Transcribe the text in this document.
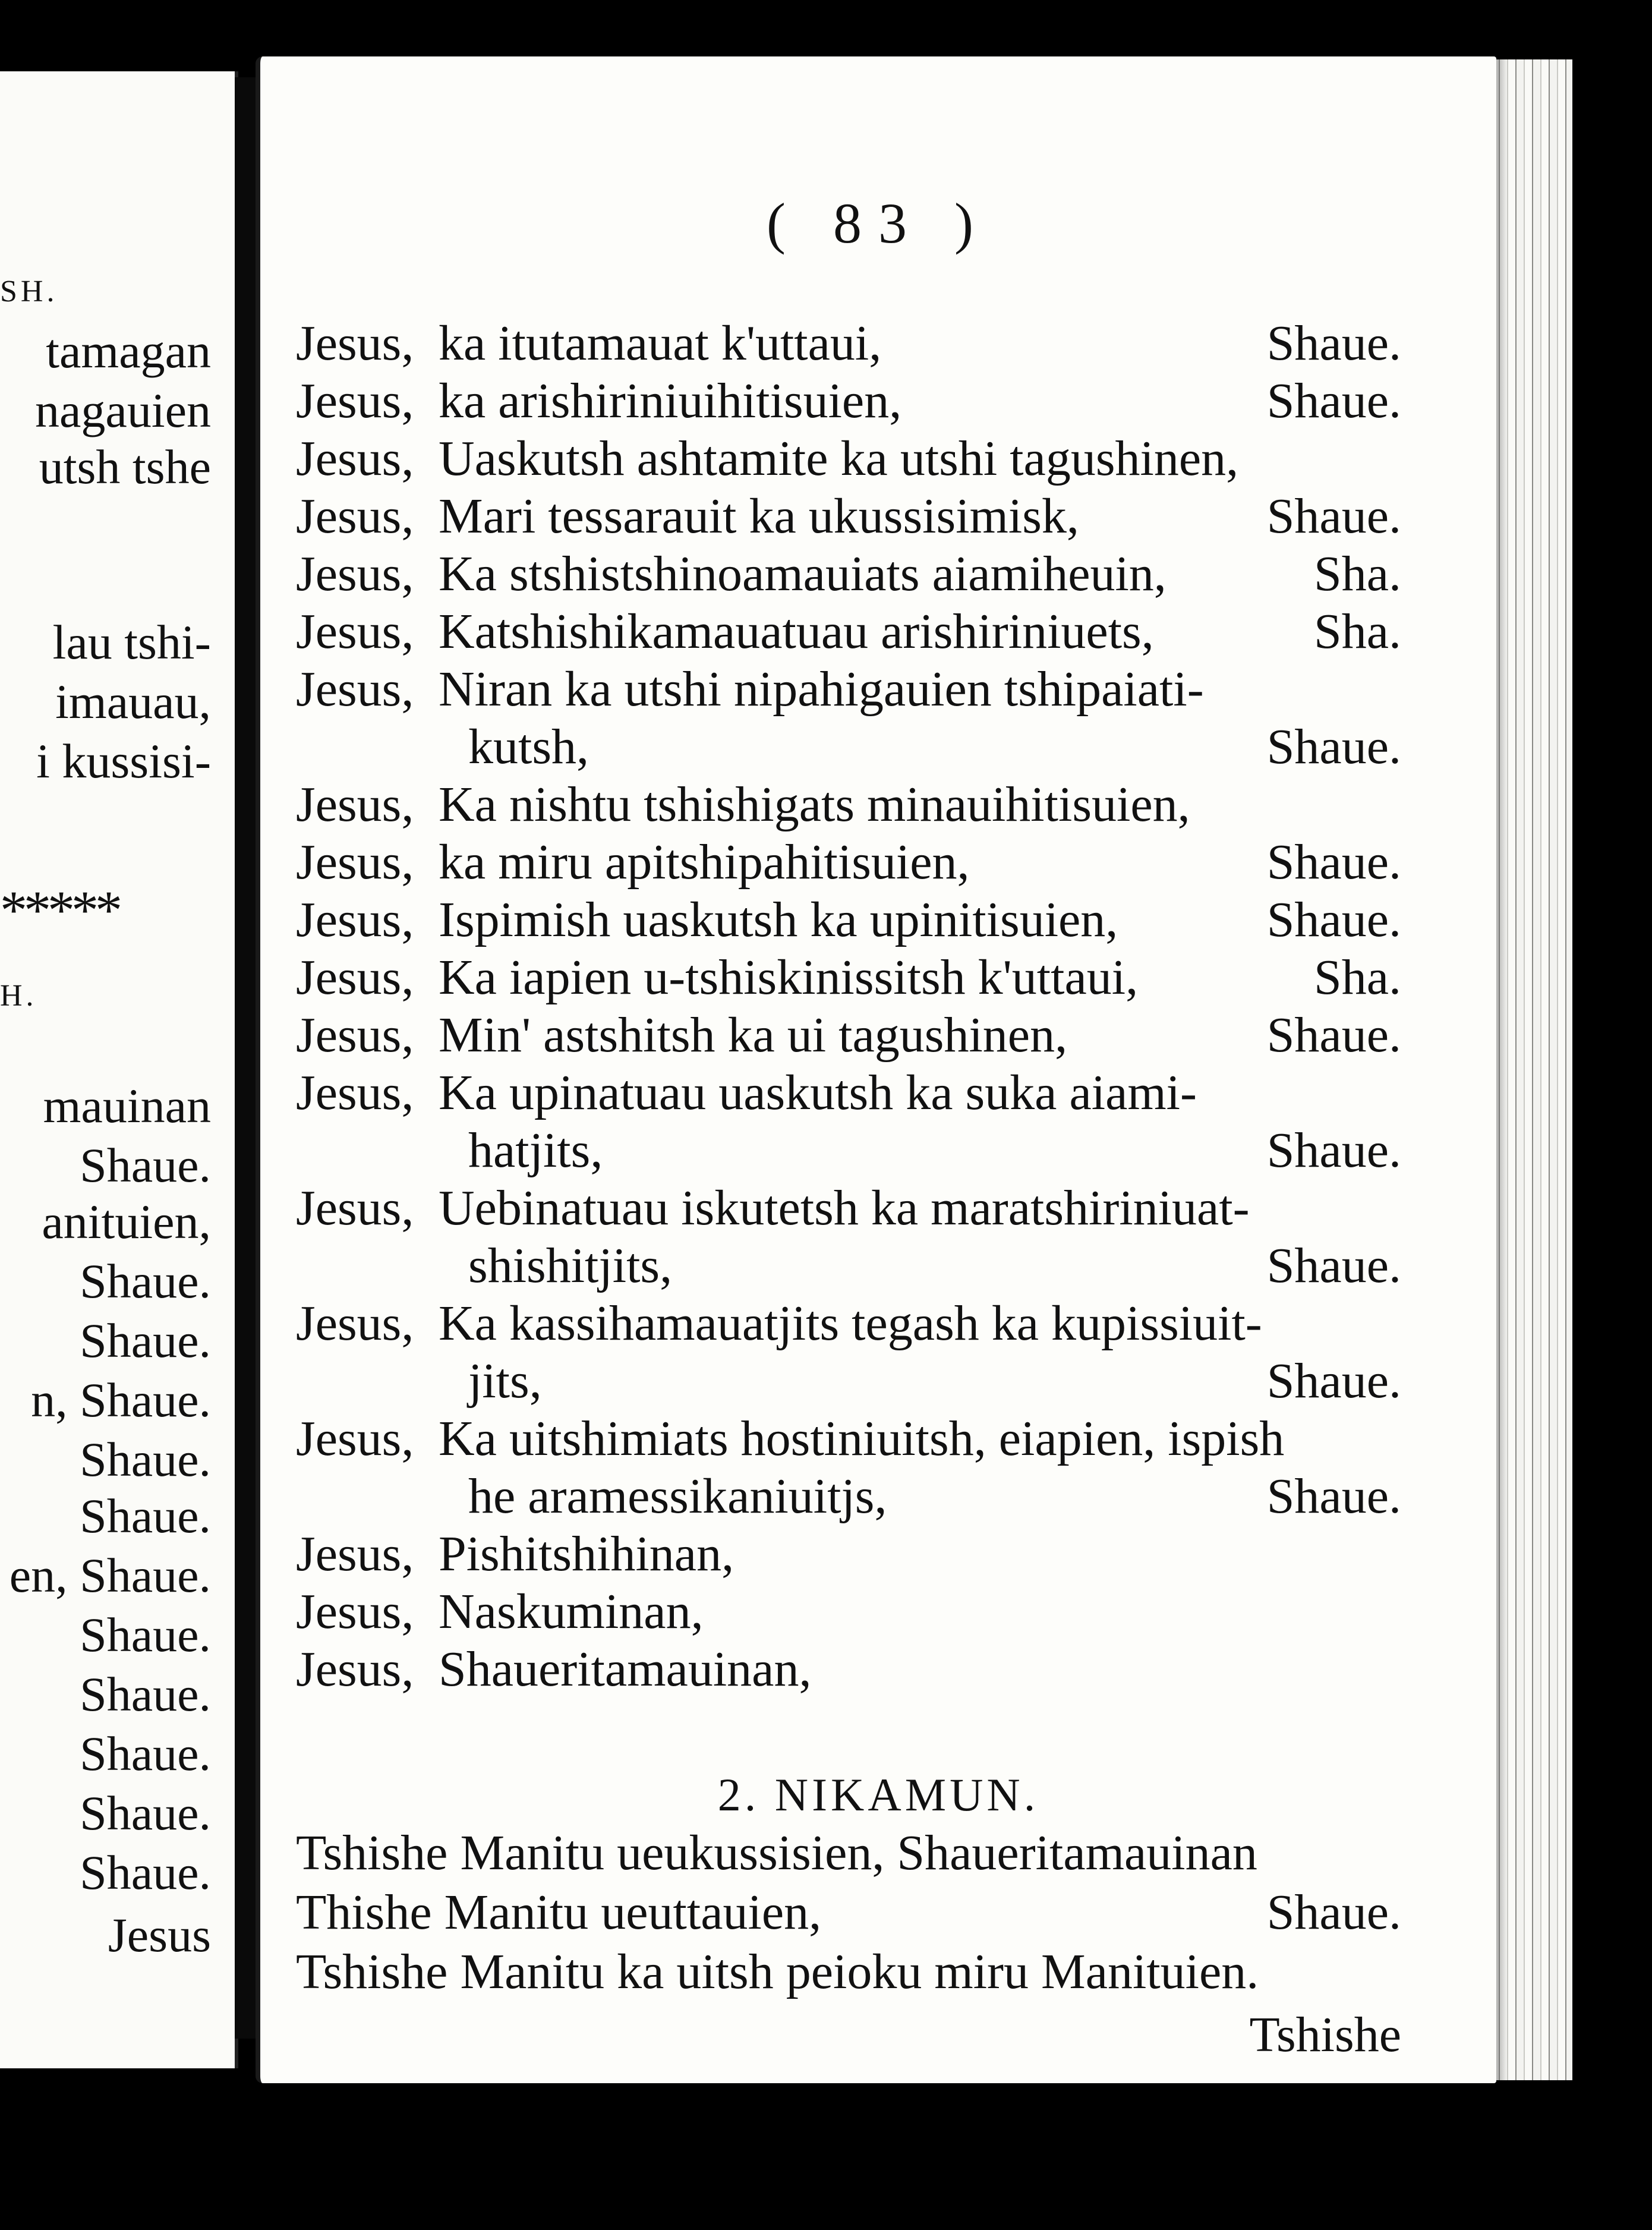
SH.
tamagan
nagauien
utsh tshe
lau tshi-
imauau,
i kussisi-
*****
H.
mauinan
Shaue.
anituien,
Shaue.
Shaue.
n, Shaue.
Shaue.
Shaue.
en, Shaue.
Shaue.
Shaue.
Shaue.
Shaue.
Shaue.
Jesus
( 83 )
Jesus, ka itutamauat k'uttaui,	Shaue.
Jesus, ka arishiriniuihitisuien,	Shaue.
Jesus, Uaskutsh ashtamite ka utshi tagushinen,
Jesus, Mari tessarauit ka ukussisimisk,	Shaue.
Jesus, Ka stshistshinoamauiats aiamiheuin,	Sha.
Jesus, Katshishikamauatuau arishiriniuets,	Sha.
Jesus, Niran ka utshi nipahigauien tshipaiati-
kutsh,	Shaue.
Jesus, Ka nishtu tshishigats minauihitisuien,
Jesus, ka miru apitshipahitisuien,	Shaue.
Jesus, Ispimish uaskutsh ka upinitisuien,	Shaue.
Jesus, Ka iapien u-tshiskinissitsh k'uttaui,	Sha.
Jesus, Min' astshitsh ka ui tagushinen,	Shaue.
Jesus, Ka upinatuau uaskutsh ka suka aiami-
hatjits,	Shaue.
Jesus, Uebinatuau iskutetsh ka maratshiriniuat-
shishitjits,	Shaue.
Jesus, Ka kassihamauatjits tegash ka kupissiuit-
jits,	Shaue.
Jesus, Ka uitshimiats hostiniuitsh, eiapien, ispish
he aramessikaniuitjs,	Shaue.
Jesus, Pishitshihinan,
Jesus, Naskuminan,
Jesus, Shaueritamauinan,
2. NIKAMUN.
Tshishe Manitu ueukussisien, Shaueritamauinan
Thishe Manitu ueuttauien,	Shaue.
Tshishe Manitu ka uitsh peioku miru Manituien.
Tshishe
